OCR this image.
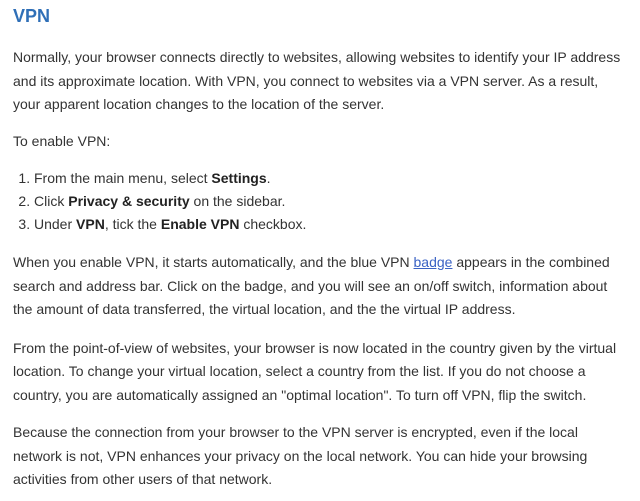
VPN

Normally, your browser connects directly to websites, allowing websites to identify your IP address and its approximate location. With VPN, you connect to websites via a VPN server. As a result, your apparent location changes to the location of the server.

To enable VPN:

1. From the main menu, select Settings.
2. Click Privacy & security on the sidebar.
3. Under VPN, tick the Enable VPN checkbox.

When you enable VPN, it starts automatically, and the blue VPN badge appears in the combined search and address bar. Click on the badge, and you will see an on/off switch, information about the amount of data transferred, the virtual location, and the the virtual IP address.

From the point-of-view of websites, your browser is now located in the country given by the virtual location. To change your virtual location, select a country from the list. If you do not choose a country, you are automatically assigned an "optimal location". To turn off VPN, flip the switch.

Because the connection from your browser to the VPN server is encrypted, even if the local network is not, VPN enhances your privacy on the local network. You can hide your browsing activities from other users of that network.
